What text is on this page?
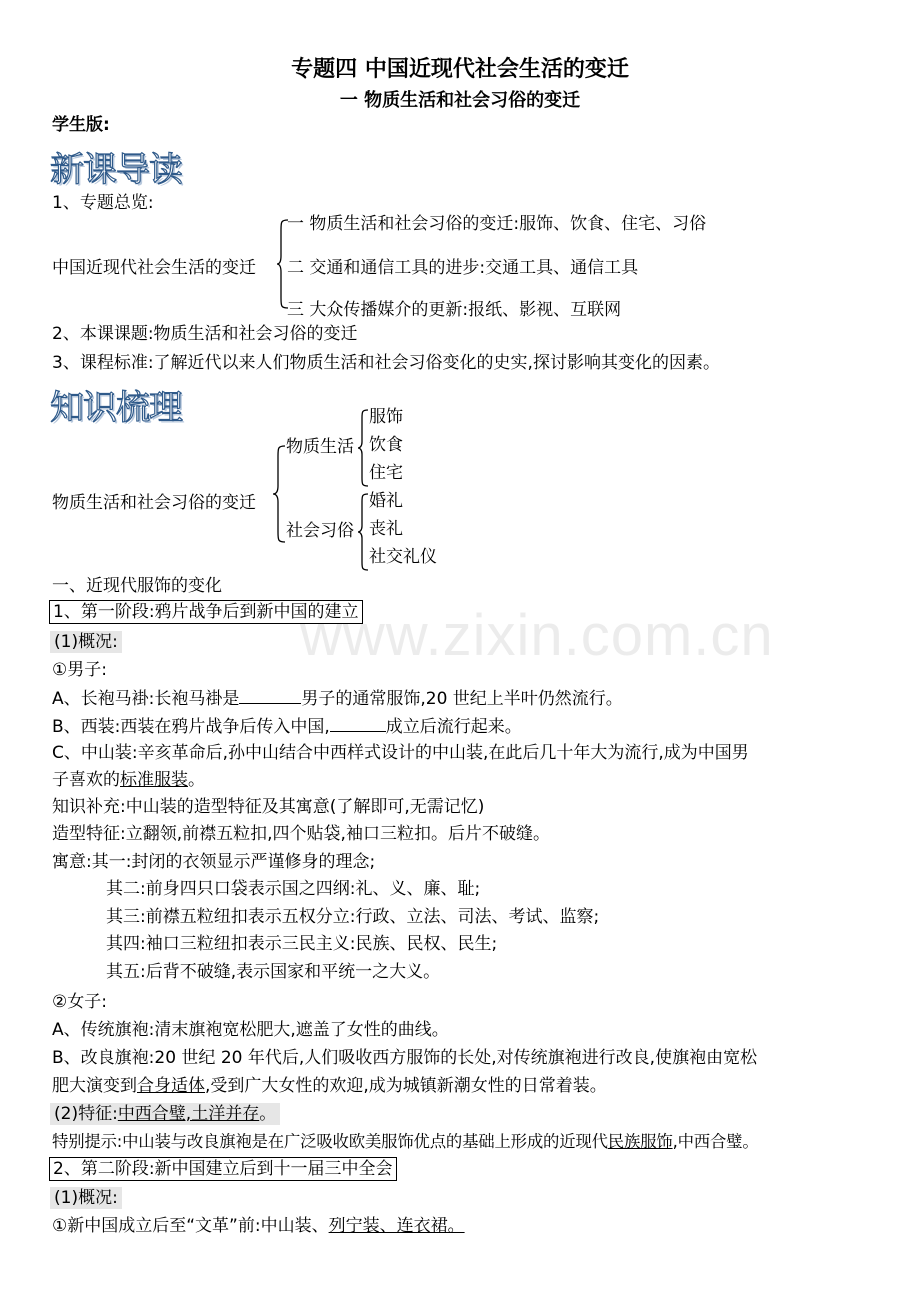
专题四 中国近现代社会生活的变迁
一 物质生活和社会习俗的变迁
学生版:
新课导读
1、专题总览:
中国近现代社会生活的变迁
一 物质生活和社会习俗的变迁:服饰、饮食、住宅、习俗
二 交通和通信工具的进步:交通工具、通信工具
三 大众传播媒介的更新:报纸、影视、互联网
2、本课课题:物质生活和社会习俗的变迁
3、课程标准:了解近代以来人们物质生活和社会习俗变化的史实,探讨影响其变化的因素。
知识梳理
物质生活和社会习俗的变迁
物质生活
服饰
饮食
住宅
社会习俗
婚礼
丧礼
社交礼仪
www.zixin.com.cn
一、近现代服饰的变化
1、第一阶段:鸦片战争后到新中国的建立
(1)概况:
①男子:
A、长袍马褂:长袍马褂是	男子的通常服饰,20 世纪上半叶仍然流行。
B、西装:西装在鸦片战争后传入中国,	成立后流行起来。
C、中山装:辛亥革命后,孙中山结合中西样式设计的中山装,在此后几十年大为流行,成为中国男
子喜欢的标准服装。
知识补充:中山装的造型特征及其寓意(了解即可,无需记忆)
造型特征:立翻领,前襟五粒扣,四个贴袋,袖口三粒扣。后片不破缝。
寓意:其一:封闭的衣领显示严谨修身的理念;
其二:前身四只口袋表示国之四纲:礼、义、廉、耻;
其三:前襟五粒纽扣表示五权分立:行政、立法、司法、考试、监察;
其四:袖口三粒纽扣表示三民主义:民族、民权、民生;
其五:后背不破缝,表示国家和平统一之大义。
②女子:
A、传统旗袍:清末旗袍宽松肥大,遮盖了女性的曲线。
B、改良旗袍:20 世纪 20 年代后,人们吸收西方服饰的长处,对传统旗袍进行改良,使旗袍由宽松
肥大演变到合身适体,受到广大女性的欢迎,成为城镇新潮女性的日常着装。
(2)特征:中西合璧,土洋并存。
特别提示:中山装与改良旗袍是在广泛吸收欧美服饰优点的基础上形成的近现代民族服饰,中西合璧。
2、第二阶段:新中国建立后到十一届三中全会
(1)概况:
①新中国成立后至“文革”前:中山装、列宁装、连衣裙。
